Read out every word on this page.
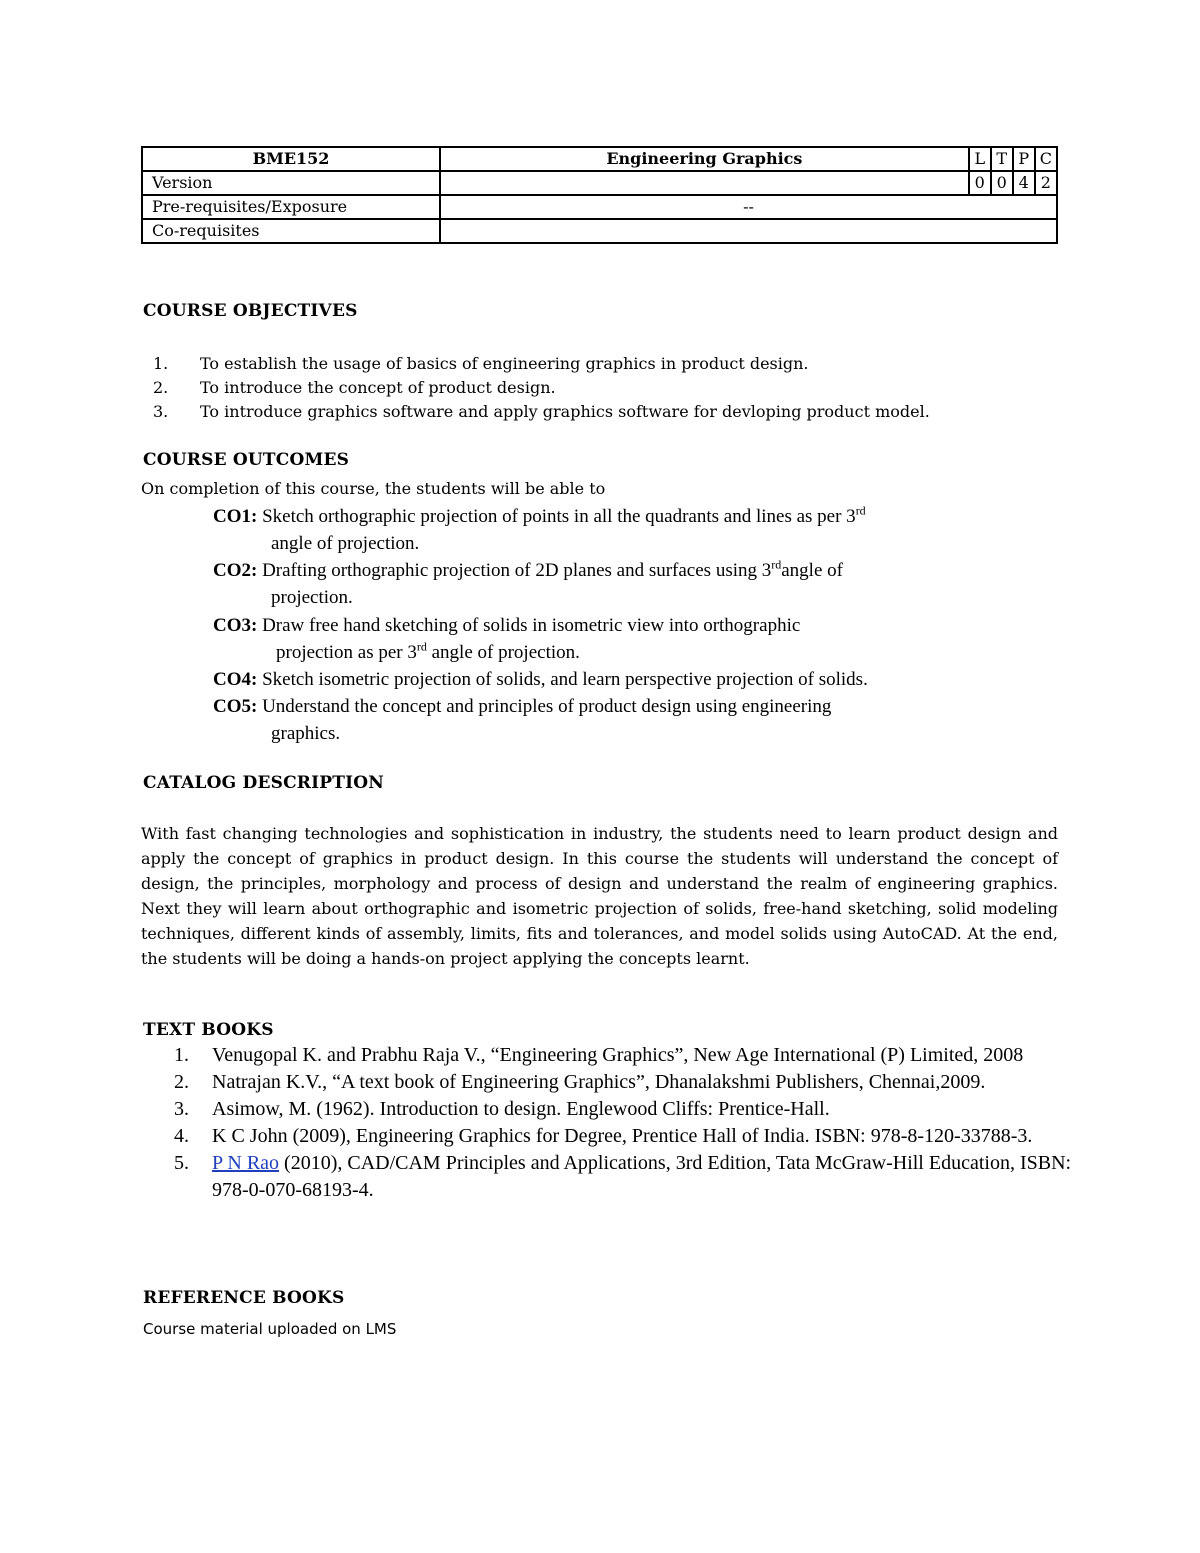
BME152	Engineering Graphics	L	T	P	C
Version		0	0	4	2
Pre-requisites/Exposure	--				
Co-requisites					
COURSE OBJECTIVES
1. To establish the usage of basics of engineering graphics in product design.
2. To introduce the concept of product design.
3. To introduce graphics software and apply graphics software for devloping product model.
COURSE OUTCOMES
On completion of this course, the students will be able to
CO1: Sketch orthographic projection of points in all the quadrants and lines as per 3rd
angle of projection.
CO2: Drafting orthographic projection of 2D planes and surfaces using 3rdangle of
projection.
CO3: Draw free hand sketching of solids in isometric view into orthographic
projection as per 3rd angle of projection.
CO4: Sketch isometric projection of solids, and learn perspective projection of solids.
CO5: Understand the concept and principles of product design using engineering
graphics.
CATALOG DESCRIPTION
With fast changing technologies and sophistication in industry, the students need to learn product design and apply the concept of graphics in product design. In this course the students will understand the concept of design, the principles, morphology and process of design and understand the realm of engineering graphics. Next they will learn about orthographic and isometric projection of solids, free-hand sketching, solid modeling techniques, different kinds of assembly, limits, fits and tolerances, and model solids using AutoCAD. At the end, the students will be doing a hands-on project applying the concepts learnt.
TEXT BOOKS
1. Venugopal K. and Prabhu Raja V., “Engineering Graphics”, New Age International (P) Limited, 2008
2. Natrajan K.V., “A text book of Engineering Graphics”, Dhanalakshmi Publishers, Chennai,2009.
3. Asimow, M. (1962). Introduction to design. Englewood Cliffs: Prentice-Hall.
4. K C John (2009), Engineering Graphics for Degree, Prentice Hall of India. ISBN: 978-8-120-33788-3.
5. P N Rao (2010), CAD/CAM Principles and Applications, 3rd Edition, Tata McGraw-Hill Education, ISBN: 978-0-070-68193-4.
REFERENCE BOOKS
Course material uploaded on LMS
